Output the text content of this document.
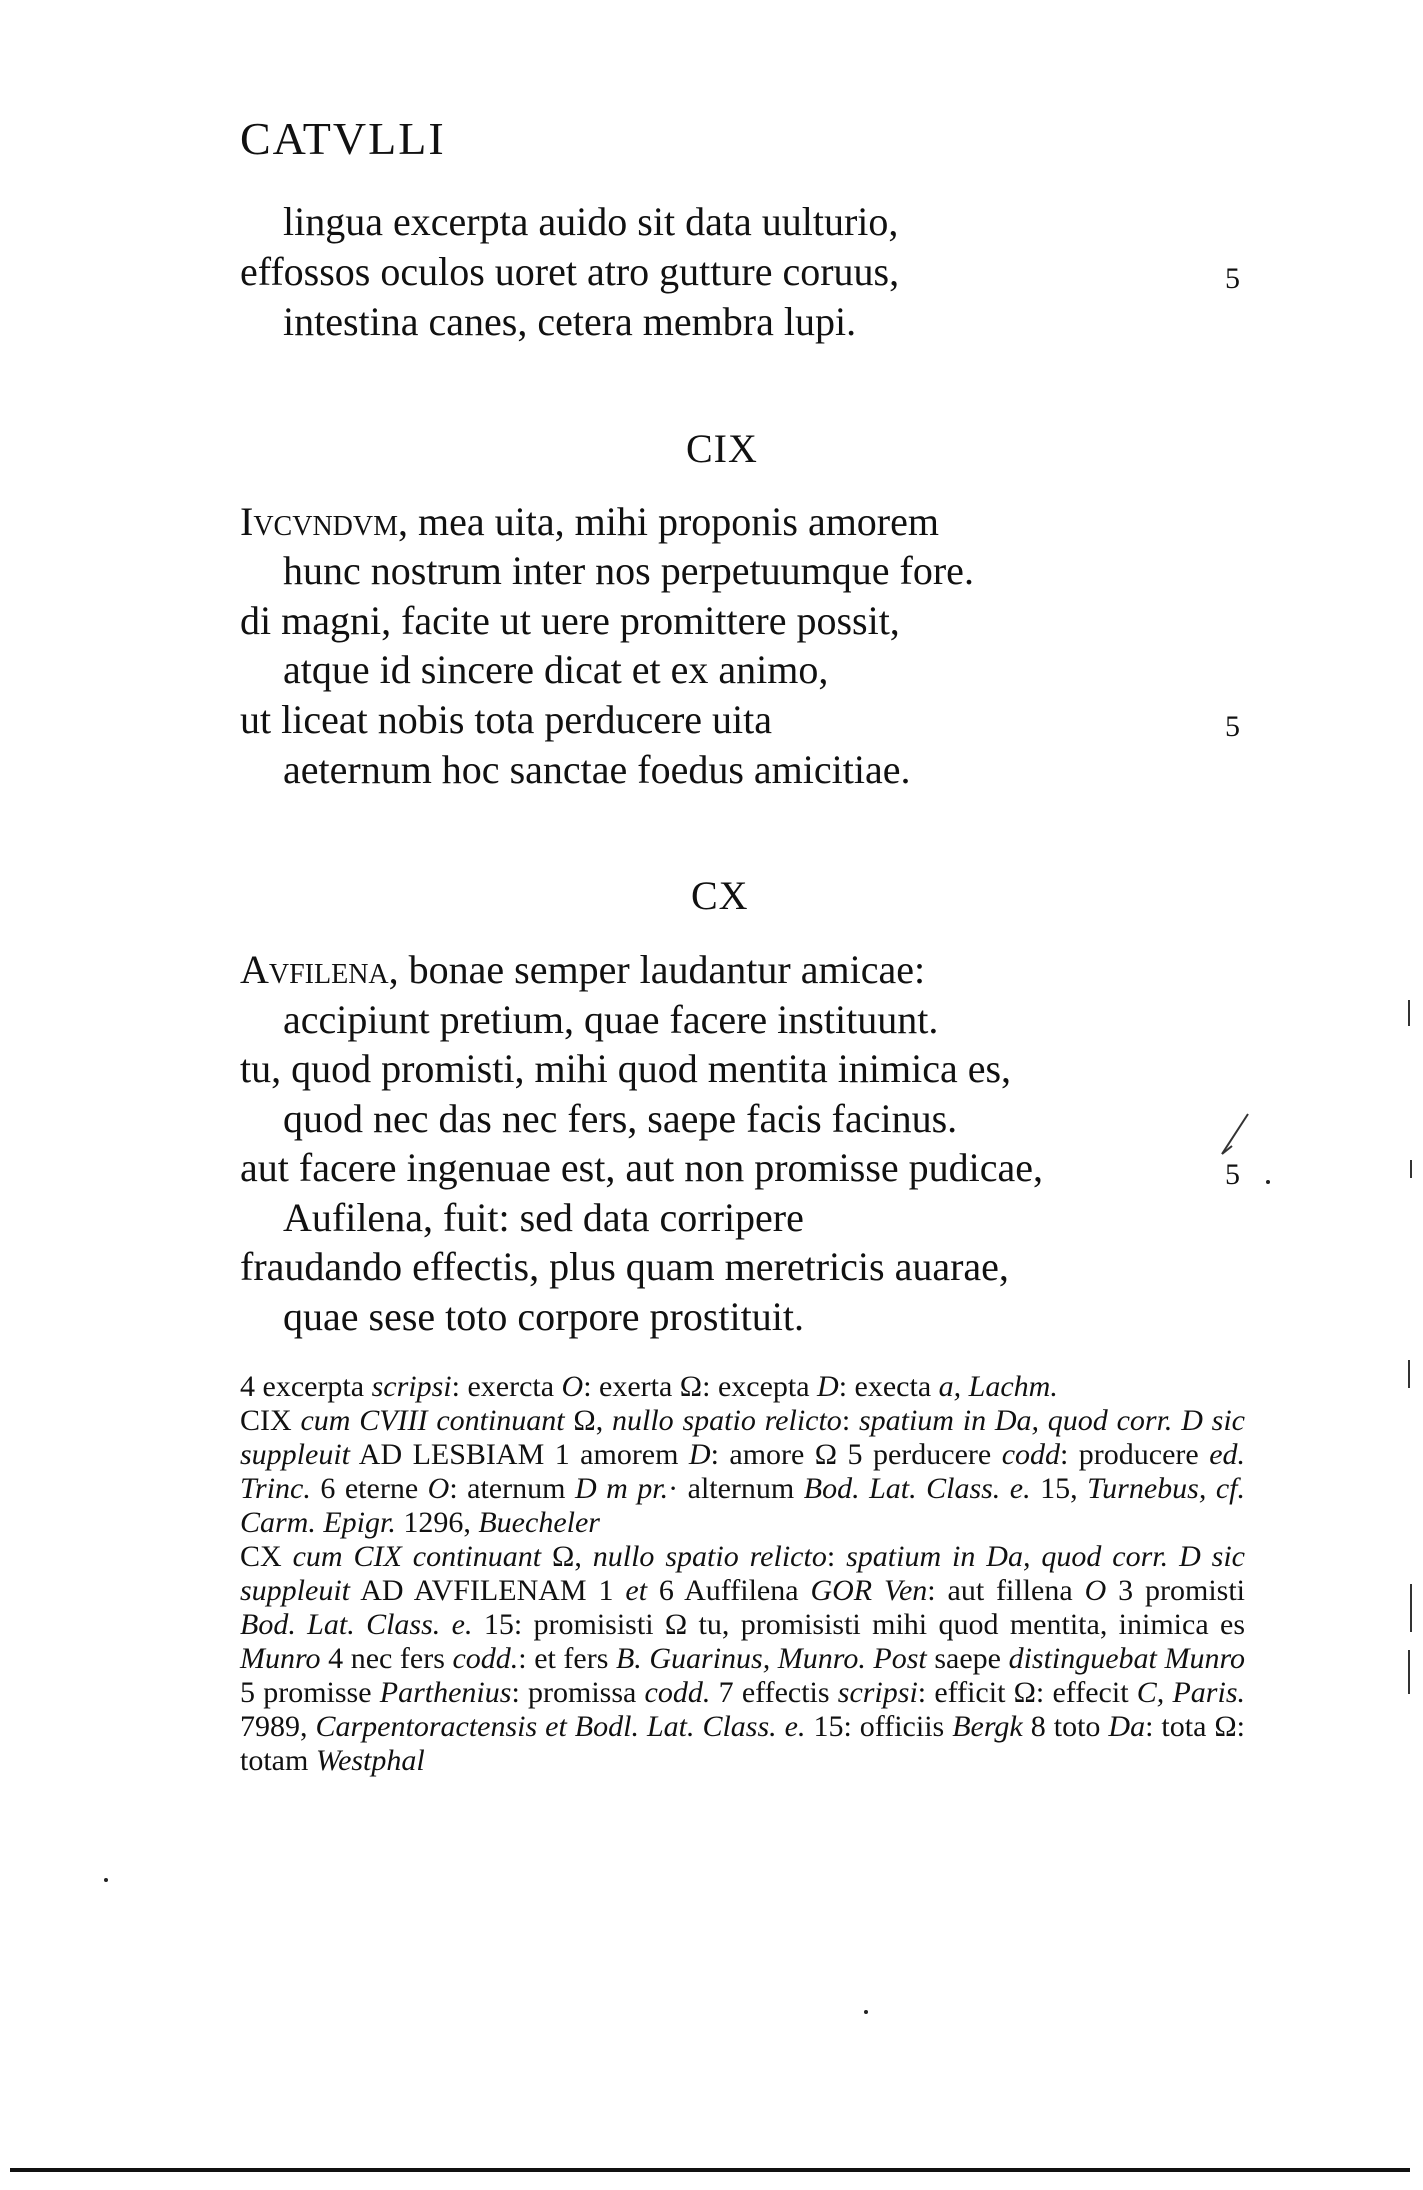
CATVLLI
lingua excerpta auido sit data uulturio,
effossos oculos uoret atro gutture coruus,	5
intestina canes, cetera membra lupi.
CIX
Ivcvndvm, mea uita, mihi proponis amorem
hunc nostrum inter nos perpetuumque fore.
di magni, facite ut uere promittere possit,
atque id sincere dicat et ex animo,
ut liceat nobis tota perducere uita	5
aeternum hoc sanctae foedus amicitiae.
CX
Avfilena, bonae semper laudantur amicae:
accipiunt pretium, quae facere instituunt.
tu, quod promisti, mihi quod mentita inimica es,
quod nec das nec fers, saepe facis facinus.
aut facere ingenuae est, aut non promisse pudicae,	5
Aufilena, fuit: sed data corripere
fraudando effectis, plus quam meretricis auarae,
quae sese toto corpore prostituit.

4 excerpta scripsi: exercta O: exerta Ω: excepta D: execta a, Lachm.

CIX cum CVIII continuant Ω, nullo spatio relicto: spatium in Da, quod corr. D sic suppleuit AD LESBIAM 1 amorem D: amore Ω 5 perducere codd: producere ed. Trinc. 6 eterne O: aternum D m pr.· alternum Bod. Lat. Class. e. 15, Turnebus, cf. Carm. Epigr. 1296, Buecheler

CX cum CIX continuant Ω, nullo spatio relicto: spatium in Da, quod corr. D sic suppleuit AD AVFILENAM 1 et 6 Auffilena GOR Ven: aut fillena O 3 promisti Bod. Lat. Class. e. 15: promisisti Ω tu, promisisti mihi quod mentita, inimica es Munro 4 nec fers codd.: et fers B. Guarinus, Munro. Post saepe distinguebat Munro 5 promisse Parthenius: promissa codd. 7 effectis scripsi: efficit Ω: effecit C, Paris. 7989, Carpentoractensis et Bodl. Lat. Class. e. 15: officiis Bergk 8 toto Da: tota Ω: totam Westphal
